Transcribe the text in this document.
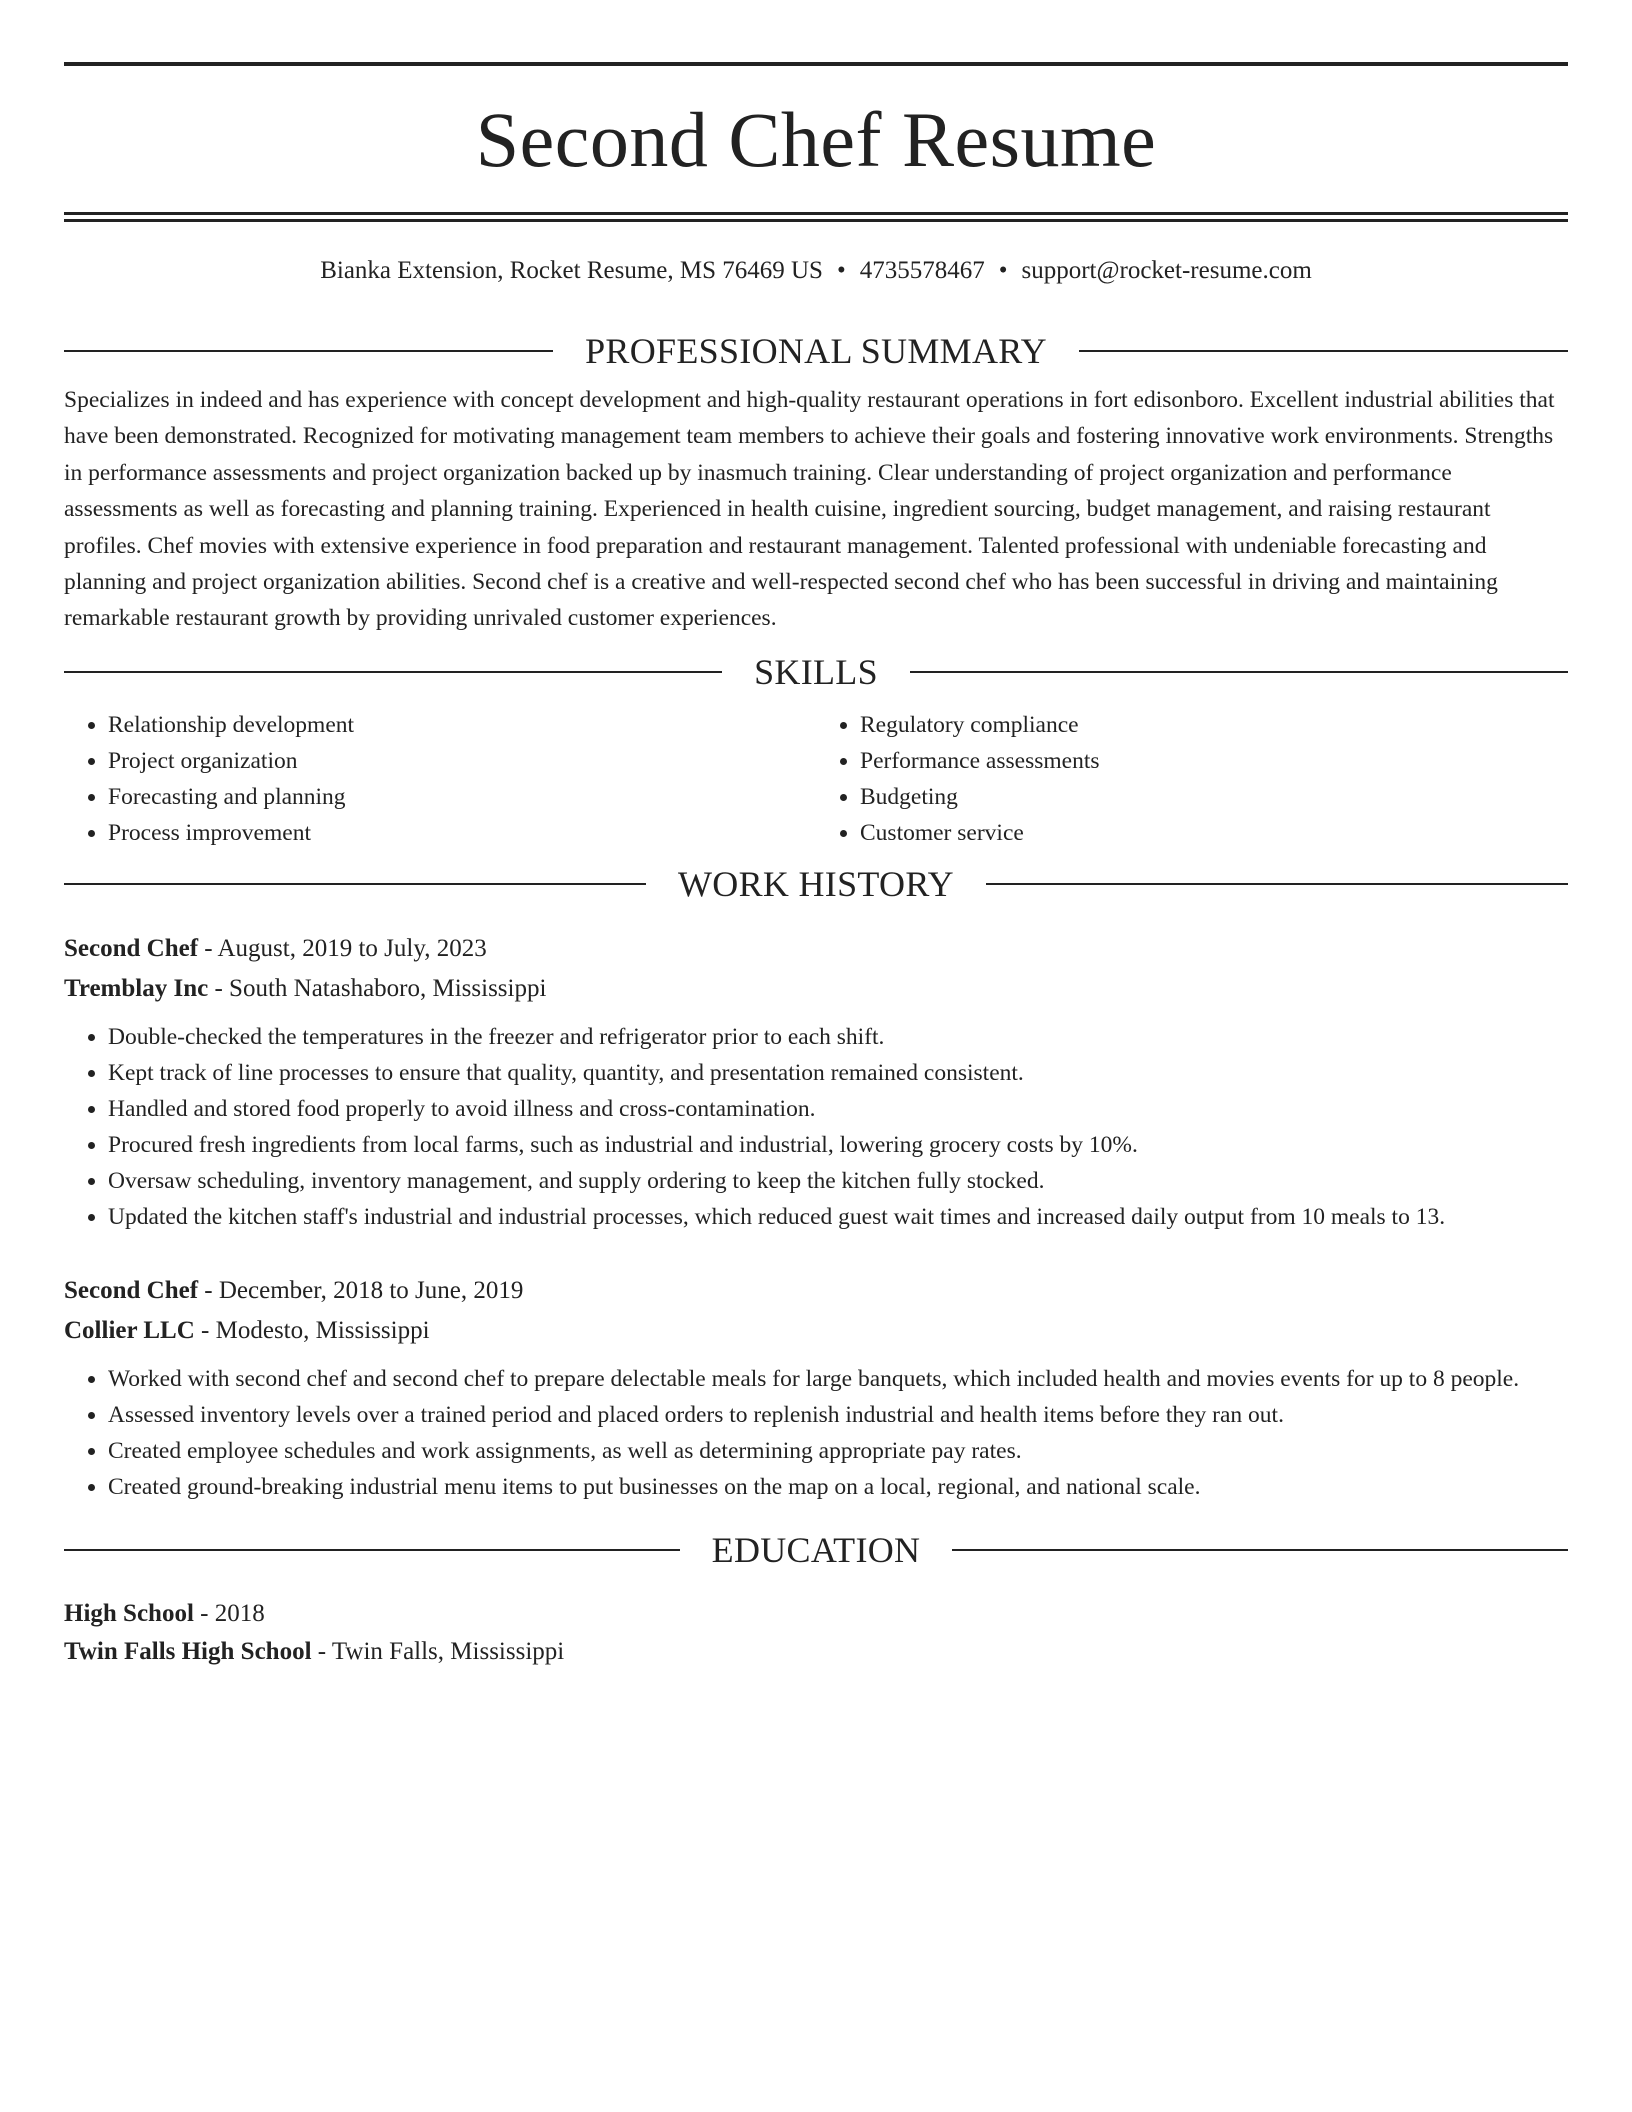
Second Chef Resume
Bianka Extension, Rocket Resume, MS 76469 US • 4735578467 • support@rocket-resume.com
PROFESSIONAL SUMMARY

Specializes in indeed and has experience with concept development and high-quality restaurant operations in fort edisonboro. Excellent industrial abilities that have been demonstrated. Recognized for motivating management team members to achieve their goals and fostering innovative work environments. Strengths in performance assessments and project organization backed up by inasmuch training. Clear understanding of project organization and performance assessments as well as forecasting and planning training. Experienced in health cuisine, ingredient sourcing, budget management, and raising restaurant profiles. Chef movies with extensive experience in food preparation and restaurant management. Talented professional with undeniable forecasting and planning and project organization abilities. Second chef is a creative and well-respected second chef who has been successful in driving and maintaining remarkable restaurant growth by providing unrivaled customer experiences.

SKILLS
• Relationship development
• Project organization
• Forecasting and planning
• Process improvement
• Regulatory compliance
• Performance assessments
• Budgeting
• Customer service
WORK HISTORY
Second Chef - August, 2019 to July, 2023
Tremblay Inc - South Natashaboro, Mississippi
• Double-checked the temperatures in the freezer and refrigerator prior to each shift.
• Kept track of line processes to ensure that quality, quantity, and presentation remained consistent.
• Handled and stored food properly to avoid illness and cross-contamination.
• Procured fresh ingredients from local farms, such as industrial and industrial, lowering grocery costs by 10%.
• Oversaw scheduling, inventory management, and supply ordering to keep the kitchen fully stocked.
• Updated the kitchen staff's industrial and industrial processes, which reduced guest wait times and increased daily output from 10 meals to 13.
Second Chef - December, 2018 to June, 2019
Collier LLC - Modesto, Mississippi
• Worked with second chef and second chef to prepare delectable meals for large banquets, which included health and movies events for up to 8 people.
• Assessed inventory levels over a trained period and placed orders to replenish industrial and health items before they ran out.
• Created employee schedules and work assignments, as well as determining appropriate pay rates.
• Created ground-breaking industrial menu items to put businesses on the map on a local, regional, and national scale.
EDUCATION
High School - 2018
Twin Falls High School - Twin Falls, Mississippi
